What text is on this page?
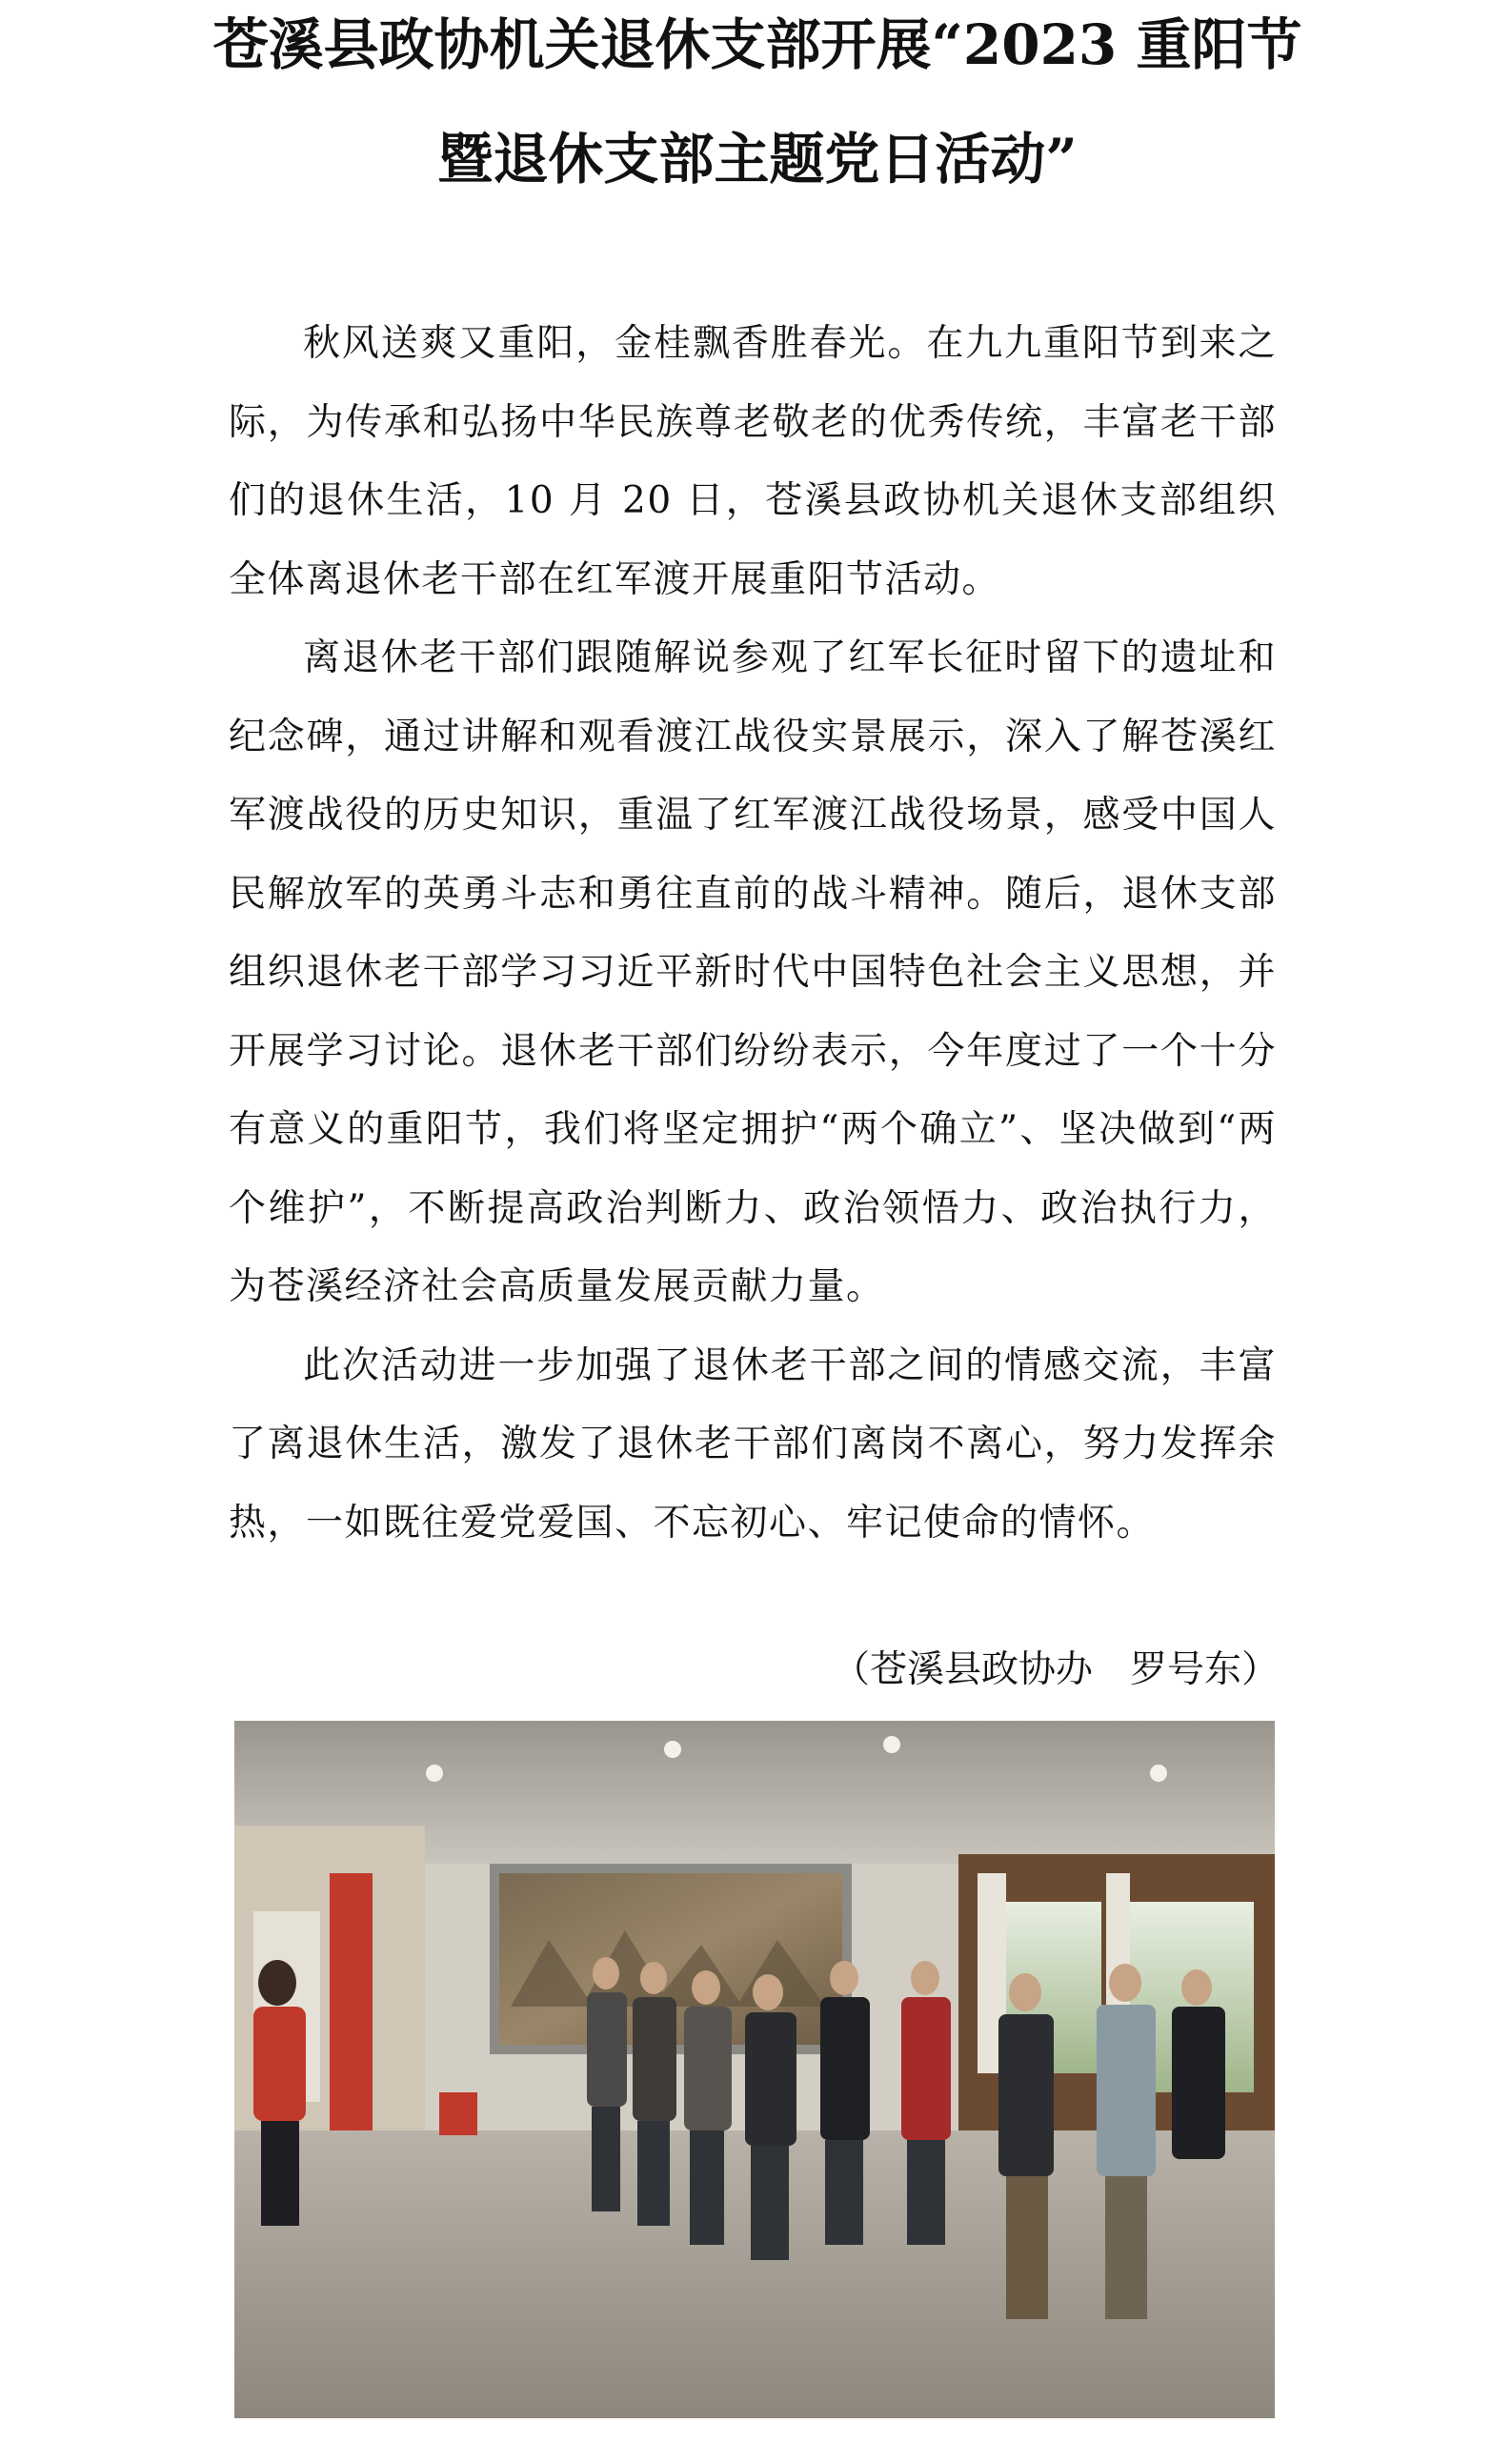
苍溪县政协机关退休支部开展“2023 重阳节
暨退休支部主题党日活动”

秋风送爽又重阳，金桂飘香胜春光。在九九重阳节到来之际，为传承和弘扬中华民族尊老敬老的优秀传统，丰富老干部们的退休生活，10 月 20 日，苍溪县政协机关退休支部组织全体离退休老干部在红军渡开展重阳节活动。

离退休老干部们跟随解说参观了红军长征时留下的遗址和纪念碑，通过讲解和观看渡江战役实景展示，深入了解苍溪红军渡战役的历史知识，重温了红军渡江战役场景，感受中国人民解放军的英勇斗志和勇往直前的战斗精神。随后，退休支部组织退休老干部学习习近平新时代中国特色社会主义思想，并开展学习讨论。退休老干部们纷纷表示，今年度过了一个十分有意义的重阳节，我们将坚定拥护“两个确立”、坚决做到“两个维护”，不断提高政治判断力、政治领悟力、政治执行力，为苍溪经济社会高质量发展贡献力量。

此次活动进一步加强了退休老干部之间的情感交流，丰富了离退休生活，激发了退休老干部们离岗不离心，努力发挥余热，一如既往爱党爱国、不忘初心、牢记使命的情怀。

（苍溪县政协办　罗号东）
